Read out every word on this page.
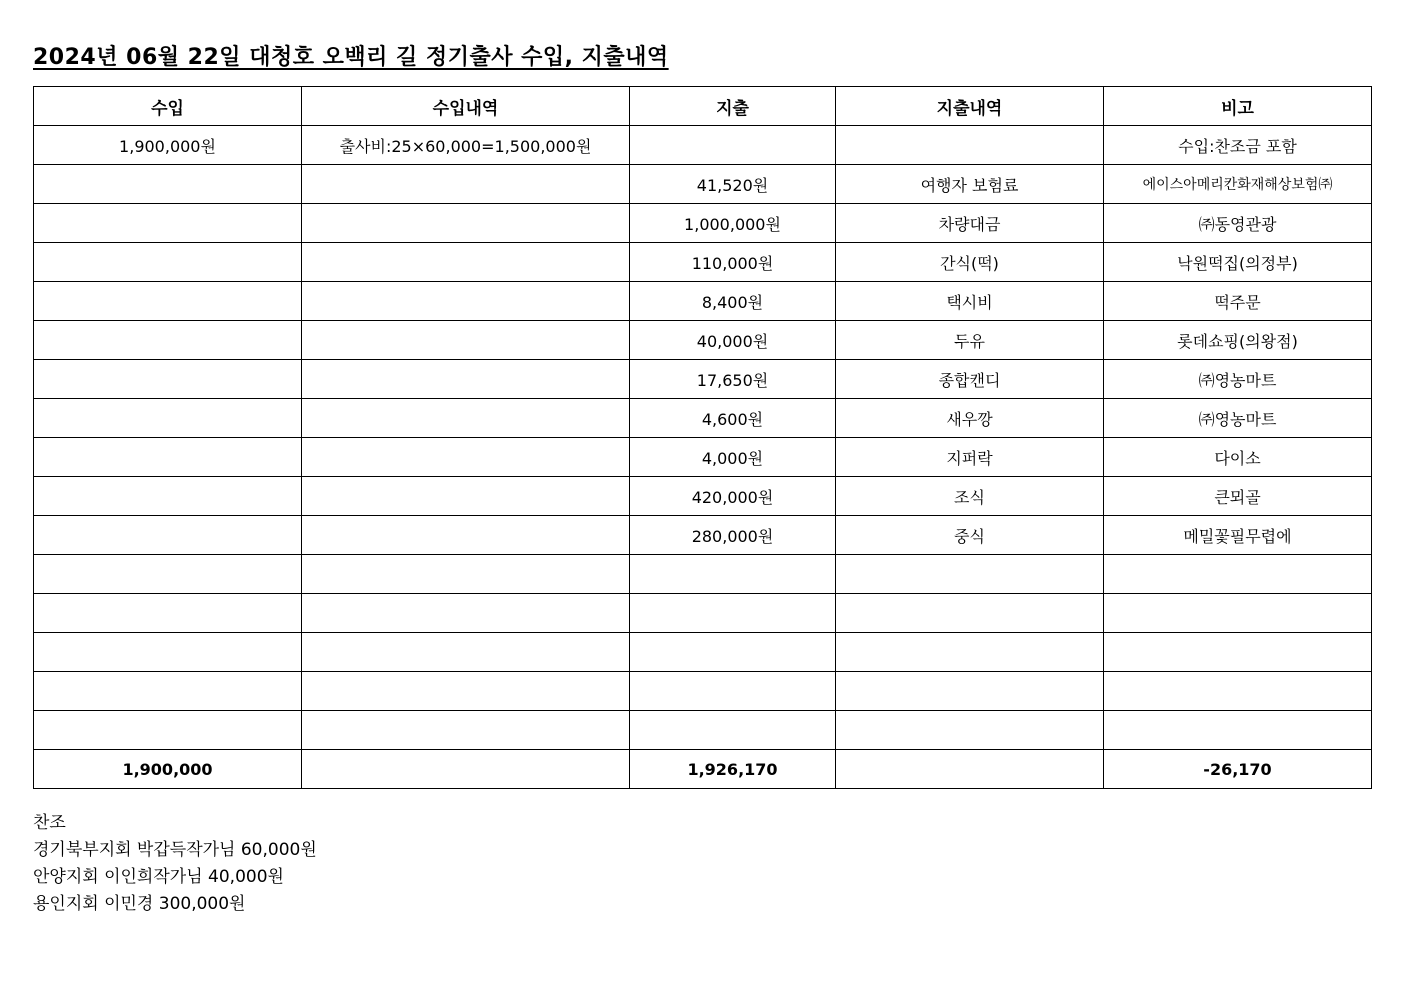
2024년 06월 22일 대청호 오백리 길 정기출사 수입, 지출내역
수입	수입내역	지출	지출내역	비고
1,900,000원	출사비:25×60,000=1,500,000원			수입:찬조금 포함
		41,520원	여행자 보험료	에이스아메리칸화재해상보험㈜
		1,000,000원	차량대금	㈜동영관광
		110,000원	간식(떡)	낙원떡집(의정부)
		8,400원	택시비	떡주문
		40,000원	두유	롯데쇼핑(의왕점)
		17,650원	종합캔디	㈜영농마트
		4,600원	새우깡	㈜영농마트
		4,000원	지퍼락	다이소
		420,000원	조식	큰뫼골
		280,000원	중식	메밀꽃필무렵에

1,900,000		1,926,170		-26,170
찬조
경기북부지회 박갑득작가님 60,000원
안양지회 이인희작가님 40,000원
용인지회 이민경 300,000원
